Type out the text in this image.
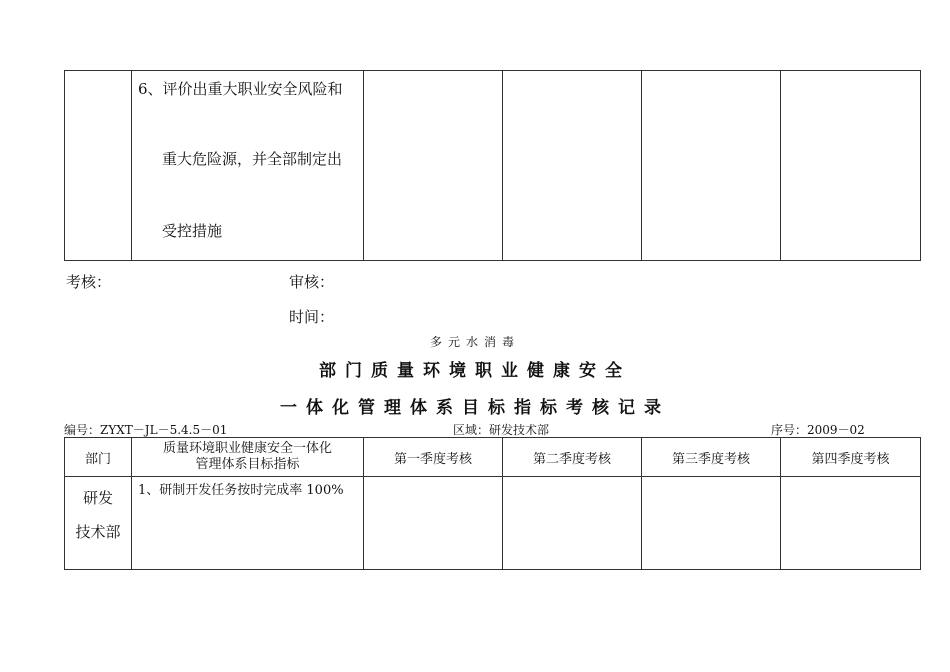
6、评价出重大职业安全风险和
重大危险源，并全部制定出
受控措施

考核：	审核：
时间：
多元水消毒
部门质量环境职业健康安全
一体化管理体系目标指标考核记录
编号：ZYXT－JL－5.4.5－01	区域：研发技术部	序号：2009－02
部门	质量环境职业健康安全一体化
管理体系目标指标	第一季度考核	第二季度考核	第三季度考核	第四季度考核

研发
技术部	1、研制开发任务按时完成率 100%				
